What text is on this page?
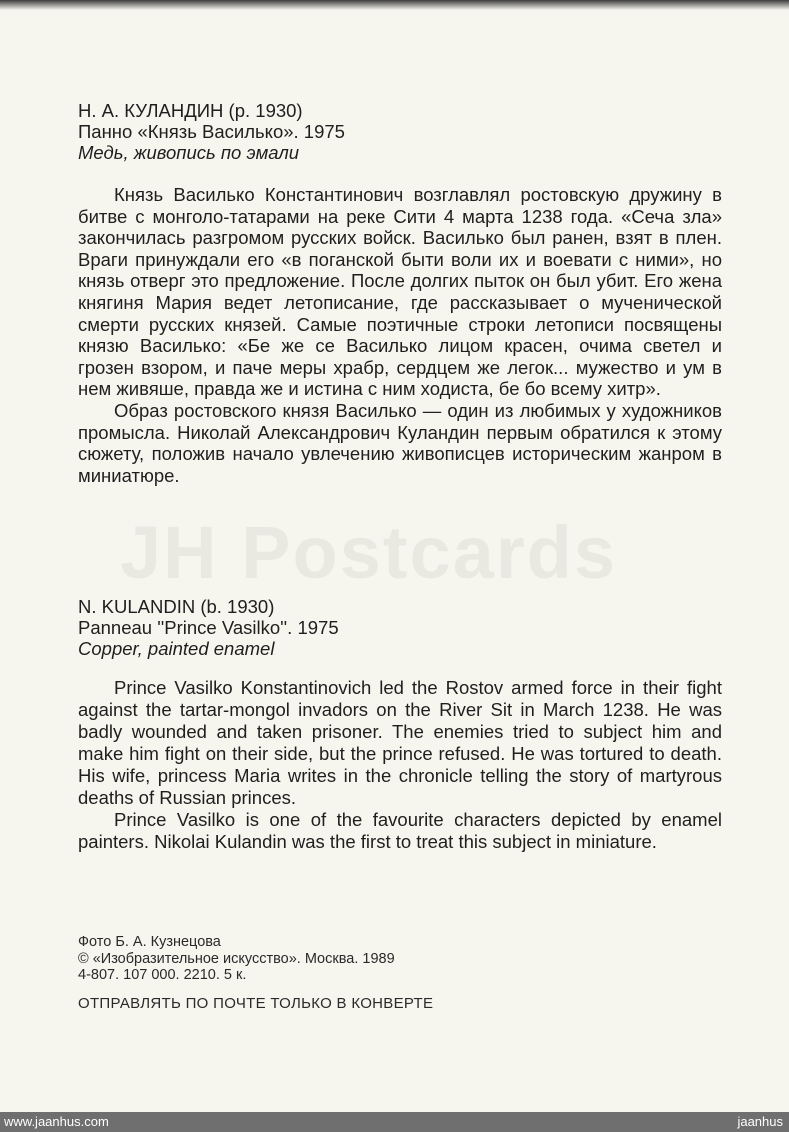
JH Postcards
Н. А. КУЛАНДИН (р. 1930)
Панно «Князь Василько». 1975
Медь, живопись по эмали

Князь Василько Константинович возглавлял ростовскую дружину в битве с монголо-татарами на реке Сити 4 марта 1238 года. «Сеча зла» закончилась разгромом русских войск. Василько был ранен, взят в плен. Враги принуждали его «в поганской быти воли их и воевати с ними», но князь отверг это предложение. После долгих пыток он был убит. Его жена княгиня Мария ведет летописание, где рассказывает о мученической смерти русских князей. Самые поэтичные строки летописи посвящены князю Василько: «Бе же се Василько лицом красен, очима светел и грозен взором, и паче меры храбр, сердцем же легок... мужество и ум в нем живяше, правда же и истина с ним ходиста, бе бо всему хитр».

Образ ростовского князя Василько — один из любимых у художников промысла. Николай Александрович Куландин первым обратился к этому сюжету, положив начало увлечению живописцев историческим жанром в миниатюре.

N. KULANDIN (b. 1930)
Panneau ''Prince Vasilko''. 1975
Copper, painted enamel

Prince Vasilko Konstantinovich led the Rostov armed force in their fight against the tartar-mongol invadors on the River Sit in March 1238. He was badly wounded and taken prisoner. The enemies tried to subject him and make him fight on their side, but the prince refused. He was tortured to death. His wife, princess Maria writes in the chronicle telling the story of martyrous deaths of Russian princes.

Prince Vasilko is one of the favourite characters depicted by enamel painters. Nikolai Kulandin was the first to treat this subject in miniature.

Фото Б. А. Кузнецова
© «Изобразительное искусство». Москва. 1989
4-807. 107 000. 2210. 5 к.
ОТПРАВЛЯТЬ ПО ПОЧТЕ ТОЛЬКО В КОНВЕРТЕ
www.jaanhus.com	jaanhus
